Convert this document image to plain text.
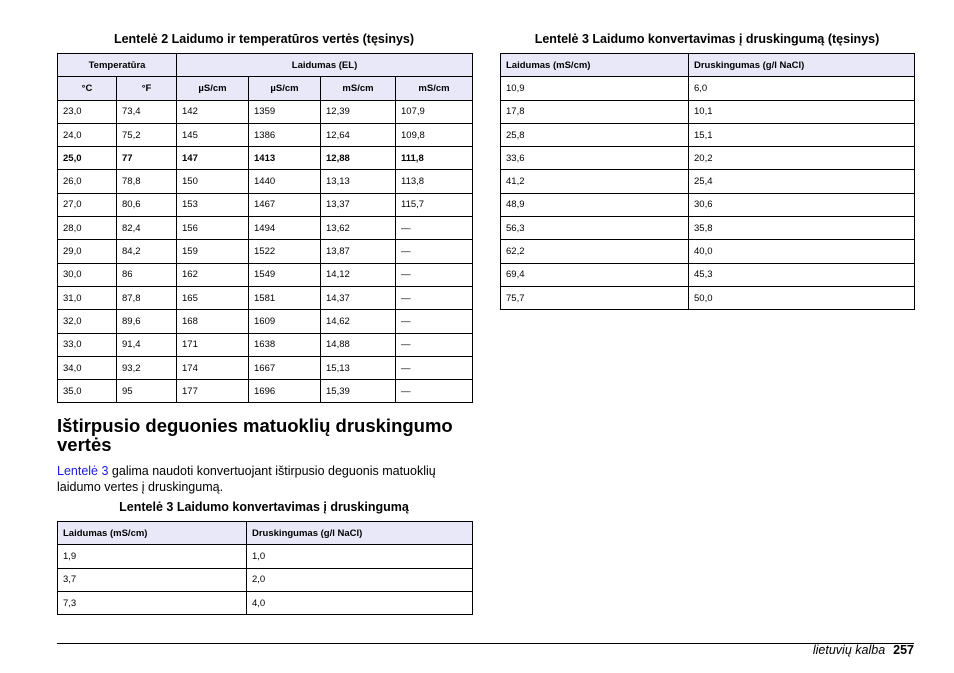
Lentelė 2 Laidumo ir temperatūros vertės (tęsinys)
Temperatūra		Laidumas (EL)			
°C	°F	µS/cm	µS/cm	mS/cm	mS/cm
23,0	73,4	142	1359	12,39	107,9
24,0	75,2	145	1386	12,64	109,8
25,0	77	147	1413	12,88	111,8
26,0	78,8	150	1440	13,13	113,8
27,0	80,6	153	1467	13,37	115,7
28,0	82,4	156	1494	13,62	—
29,0	84,2	159	1522	13,87	—
30,0	86	162	1549	14,12	—
31,0	87,8	165	1581	14,37	—
32,0	89,6	168	1609	14,62	—
33,0	91,4	171	1638	14,88	—
34,0	93,2	174	1667	15,13	—
35,0	95	177	1696	15,39	—
Ištirpusio deguonies matuoklių druskingumo vertės

Lentelė 3 galima naudoti konvertuojant ištirpusio deguonis matuoklių laidumo vertes į druskingumą.

Lentelė 3 Laidumo konvertavimas į druskingumą
Laidumas (mS/cm)	Druskingumas (g/l NaCl)
1,9	1,0
3,7	2,0
7,3	4,0
Lentelė 3 Laidumo konvertavimas į druskingumą (tęsinys)
Laidumas (mS/cm)	Druskingumas (g/l NaCl)
10,9	6,0
17,8	10,1
25,8	15,1
33,6	20,2
41,2	25,4
48,9	30,6
56,3	35,8
62,2	40,0
69,4	45,3
75,7	50,0
lietuvių kalba 257
